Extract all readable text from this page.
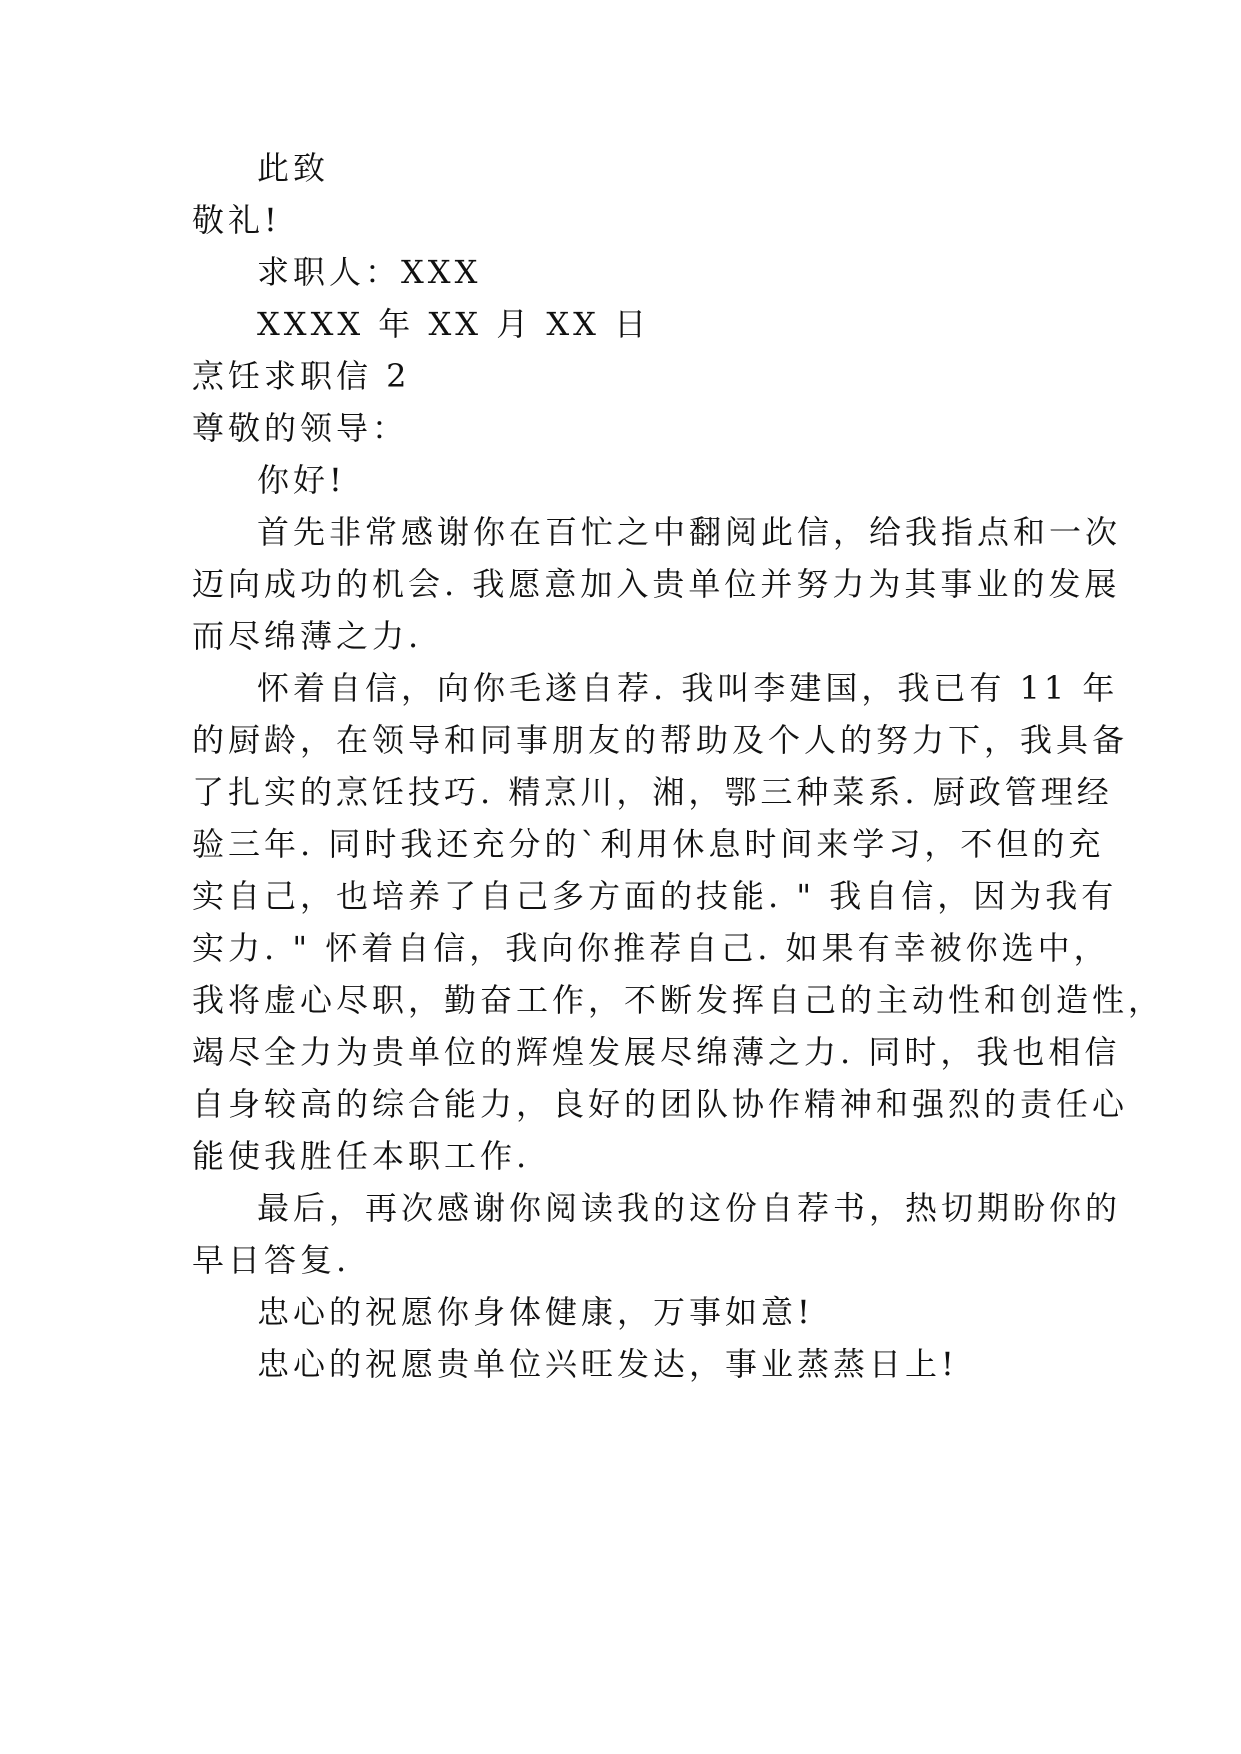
此致
敬礼!
求职人：XXX
XXXX 年 XX 月 XX 日
烹饪求职信 2
尊敬的领导：
你好!
首先非常感谢你在百忙之中翻阅此信，给我指点和一次
迈向成功的机会. 我愿意加入贵单位并努力为其事业的发展
而尽绵薄之力.
怀着自信，向你毛遂自荐. 我叫李建国，我已有 11 年
的厨龄，在领导和同事朋友的帮助及个人的努力下，我具备
了扎实的烹饪技巧. 精烹川，湘，鄂三种菜系. 厨政管理经
验三年. 同时我还充分的`利用休息时间来学习，不但的充
实自己，也培养了自己多方面的技能. " 我自信，因为我有
实力. " 怀着自信，我向你推荐自己. 如果有幸被你选中，
我将虚心尽职，勤奋工作，不断发挥自己的主动性和创造性，
竭尽全力为贵单位的辉煌发展尽绵薄之力. 同时，我也相信
自身较高的综合能力，良好的团队协作精神和强烈的责任心
能使我胜任本职工作.
最后，再次感谢你阅读我的这份自荐书，热切期盼你的
早日答复.
忠心的祝愿你身体健康，万事如意!
忠心的祝愿贵单位兴旺发达，事业蒸蒸日上!
